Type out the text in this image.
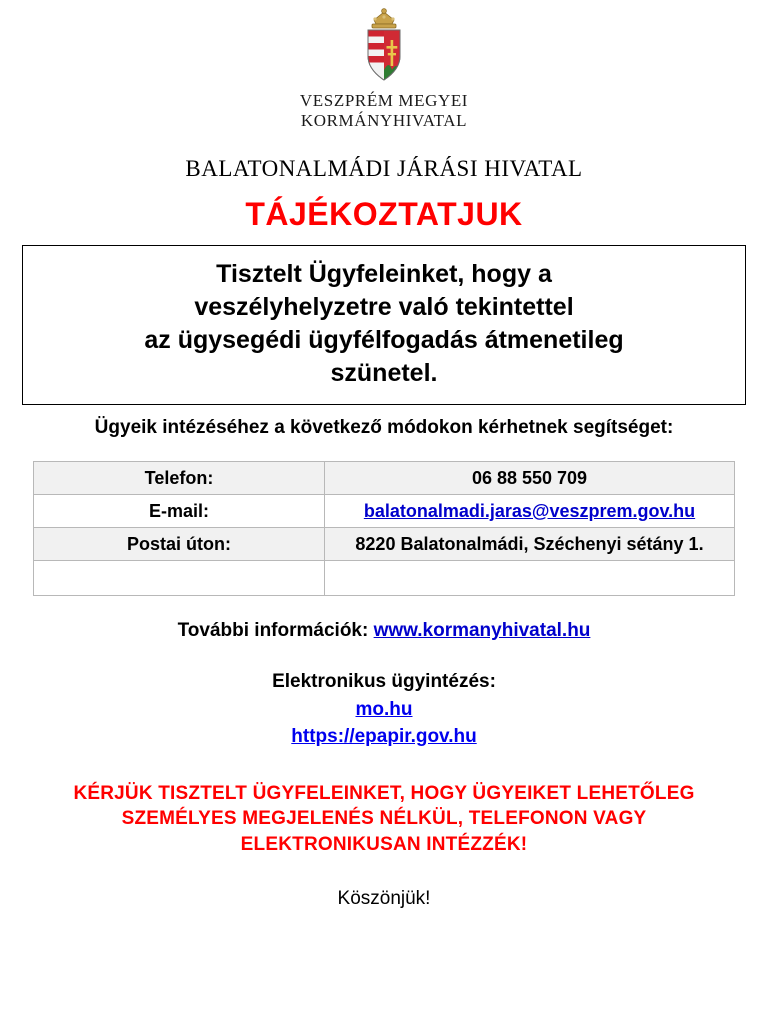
VESZPRÉM MEGYEI
KORMÁNYHIVATAL
BALATONALMÁDI JÁRÁSI HIVATAL
TÁJÉKOZTATJUK

Tisztelt Ügyfeleinket, hogy a

veszélyhelyzetre való tekintettel

az ügysegédi ügyfélfogadás átmenetileg

szünetel.

Ügyeik intézéséhez a következő módokon kérhetnek segítséget:
Telefon:	06 88 550 709
E-mail:	balatonalmadi.jaras@veszprem.gov.hu
Postai úton:	8220 Balatonalmádi, Széchenyi sétány 1.

További információk: www.kormanyhivatal.hu
Elektronikus ügyintézés:
mo.hu
https://epapir.gov.hu
KÉRJÜK TISZTELT ÜGYFELEINKET, HOGY ÜGYEIKET LEHETŐLEG
SZEMÉLYES MEGJELENÉS NÉLKÜL, TELEFONON VAGY
ELEKTRONIKUSAN INTÉZZÉK!
Köszönjük!
